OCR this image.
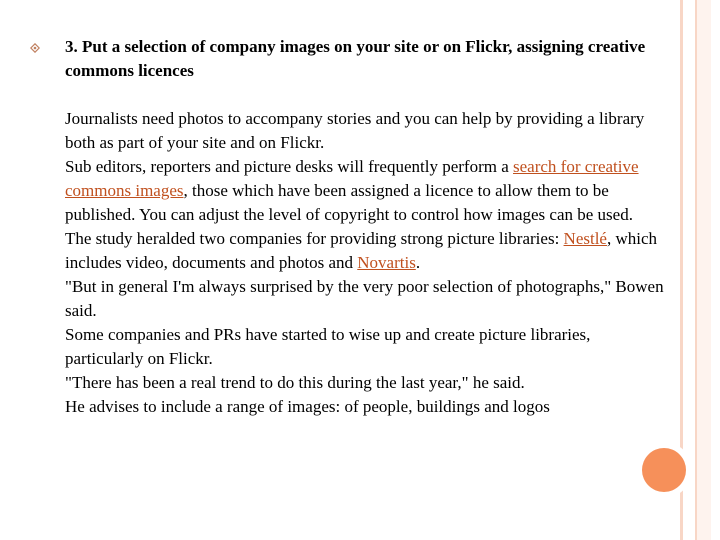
3. Put a selection of company images on your site or on Flickr, assigning creative commons licences

Journalists need photos to accompany stories and you can help by providing a library both as part of your site and on Flickr.

Sub editors, reporters and picture desks will frequently perform a search for creative commons images, those which have been assigned a licence to allow them to be published. You can adjust the level of copyright to control how images can be used.

The study heralded two companies for providing strong picture libraries: Nestlé, which includes video, documents and photos and Novartis.

"But in general I'm always surprised by the very poor selection of photographs," Bowen said.

Some companies and PRs have started to wise up and create picture libraries, particularly on Flickr.

"There has been a real trend to do this during the last year," he said.

He advises to include a range of images: of people, buildings and logos
